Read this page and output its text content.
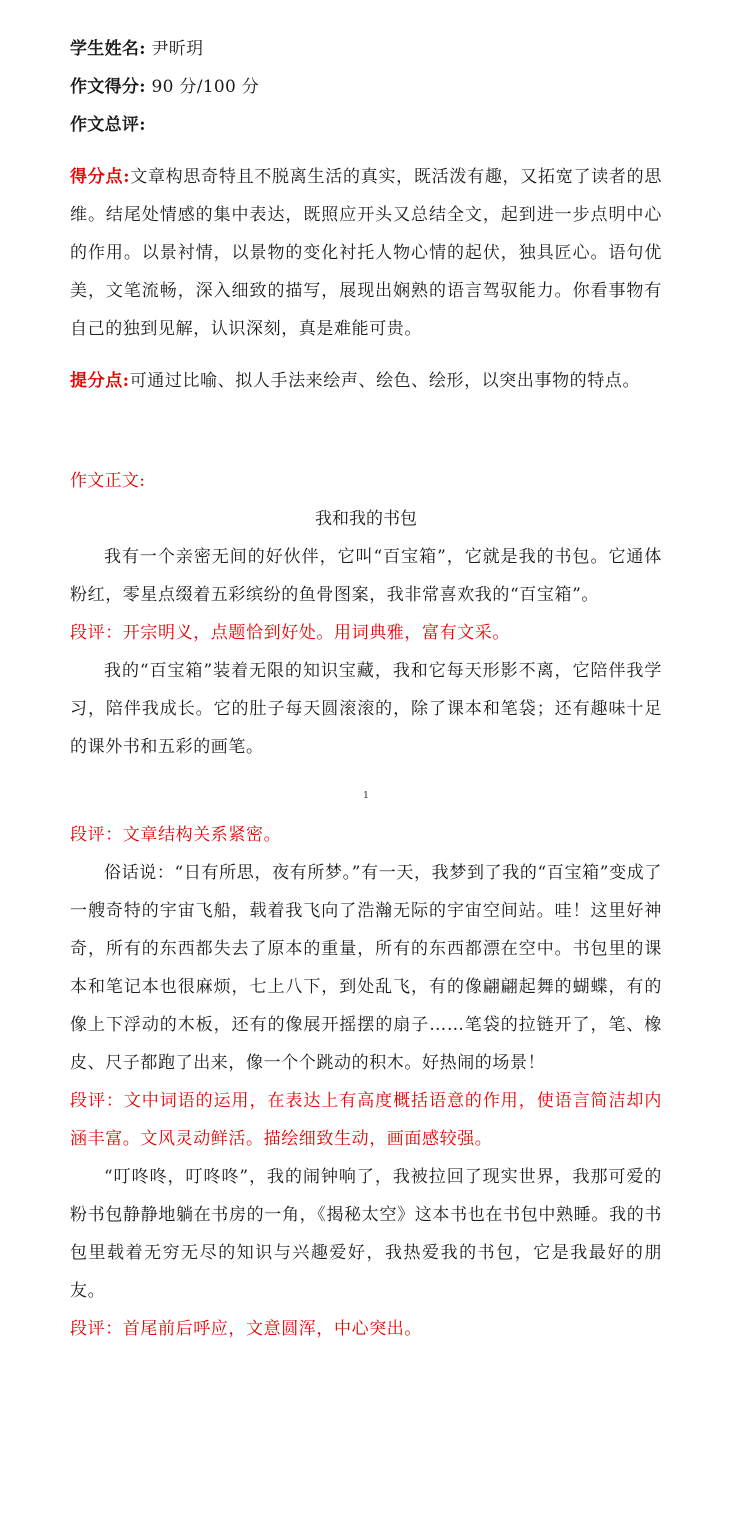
学生姓名: 尹昕玥
作文得分: 90 分/100 分
作文总评:
得分点:文章构思奇特且不脱离生活的真实，既活泼有趣，又拓宽了读者的思维。结尾处情感的集中表达，既照应开头又总结全文，起到进一步点明中心的作用。以景衬情，以景物的变化衬托人物心情的起伏，独具匠心。语句优美，文笔流畅，深入细致的描写，展现出娴熟的语言驾驭能力。你看事物有自己的独到见解，认识深刻，真是难能可贵。
提分点:可通过比喻、拟人手法来绘声、绘色、绘形，以突出事物的特点。
作文正文:
我和我的书包
我有一个亲密无间的好伙伴，它叫“百宝箱”，它就是我的书包。它通体粉红，零星点缀着五彩缤纷的鱼骨图案，我非常喜欢我的“百宝箱”。
段评：开宗明义，点题恰到好处。用词典雅，富有文采。
我的“百宝箱”装着无限的知识宝藏，我和它每天形影不离，它陪伴我学习，陪伴我成长。它的肚子每天圆滚滚的，除了课本和笔袋；还有趣味十足的课外书和五彩的画笔。
1
段评：文章结构关系紧密。
俗话说：“日有所思，夜有所梦。”有一天，我梦到了我的“百宝箱”变成了一艘奇特的宇宙飞船，载着我飞向了浩瀚无际的宇宙空间站。哇！这里好神奇，所有的东西都失去了原本的重量，所有的东西都漂在空中。书包里的课本和笔记本也很麻烦，七上八下，到处乱飞，有的像翩翩起舞的蝴蝶，有的像上下浮动的木板，还有的像展开摇摆的扇子……笔袋的拉链开了，笔、橡皮、尺子都跑了出来，像一个个跳动的积木。好热闹的场景！
段评：文中词语的运用，在表达上有高度概括语意的作用，使语言简洁却内涵丰富。文风灵动鲜活。描绘细致生动，画面感较强。
“叮咚咚，叮咚咚”，我的闹钟响了，我被拉回了现实世界，我那可爱的粉书包静静地躺在书房的一角，《揭秘太空》这本书也在书包中熟睡。我的书包里载着无穷无尽的知识与兴趣爱好，我热爱我的书包，它是我最好的朋友。
段评：首尾前后呼应，文意圆浑，中心突出。
